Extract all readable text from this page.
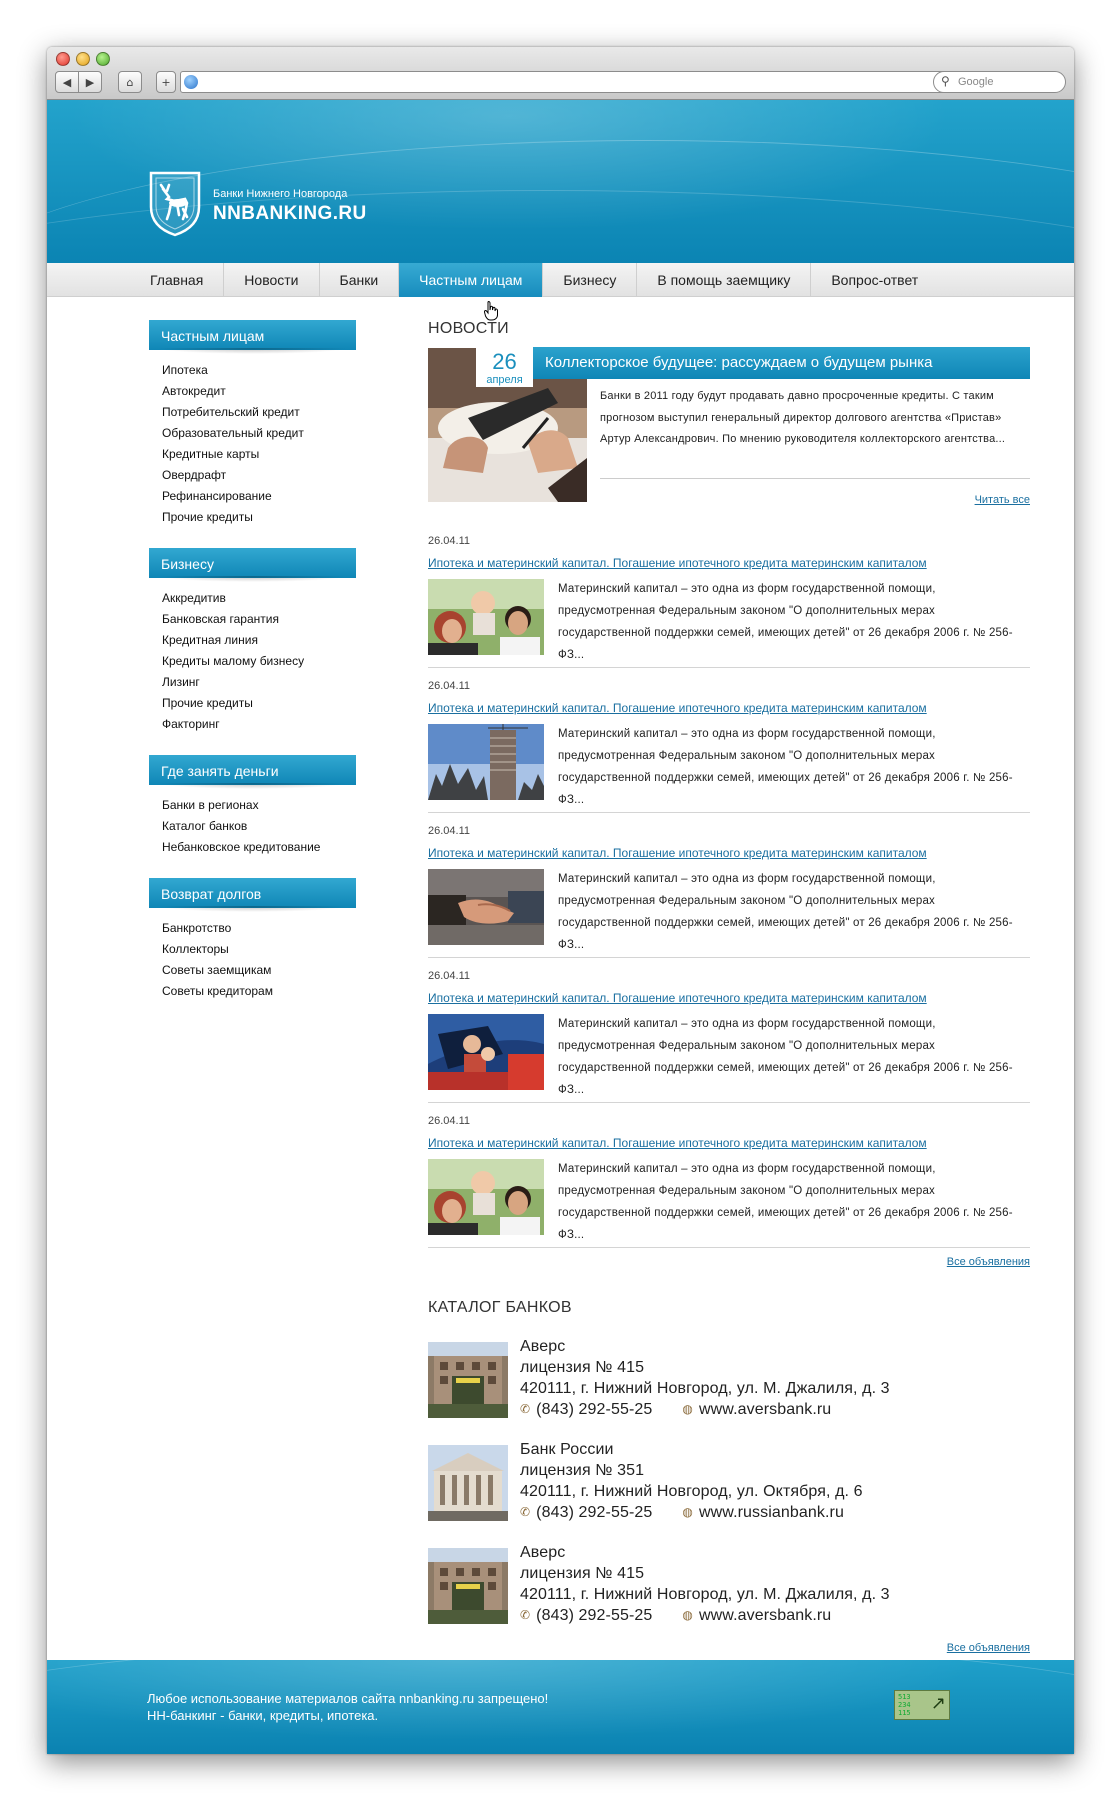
◀ ▶	⌂	+	⚲ Google
Банки Нижнего Новгорода
NNBANKING.RU
Главная	Новости	Банки	Частным лицам	Бизнесу	В помощь заемщику	Вопрос-ответ
Частным лицам
Ипотека
Автокредит
Потребительский кредит
Образовательный кредит
Кредитные карты
Овердрафт
Рефинансирование
Прочие кредиты
Бизнесу
Аккредитив
Банковская гарантия
Кредитная линия
Кредиты малому бизнесу
Лизинг
Прочие кредиты
Факторинг
Где занять деньги
Банки в регионах
Каталог банков
Небанковское кредитование
Возврат долгов
Банкротство
Коллекторы
Советы заемщикам
Советы кредиторам
НОВОСТИ
26
апреля
Коллекторское будущее: рассуждаем о будущем рынка
Банки в 2011 году будут продавать давно просроченные кредиты. С таким прогнозом выступил генеральный директор долгового агентства «Пристав» Артур Александрович. По мнению руководителя коллекторского агентства...
Читать все
26.04.11
Ипотека и материнский капитал. Погашение ипотечного кредита материнским капиталом
Материнский капитал – это одна из форм государственной помощи, предусмотренная Федеральным законом "О дополнительных мерах государственной поддержки семей, имеющих детей" от 26 декабря 2006 г. № 256-ФЗ...
26.04.11
Ипотека и материнский капитал. Погашение ипотечного кредита материнским капиталом
Материнский капитал – это одна из форм государственной помощи, предусмотренная Федеральным законом "О дополнительных мерах государственной поддержки семей, имеющих детей" от 26 декабря 2006 г. № 256-ФЗ...
26.04.11
Ипотека и материнский капитал. Погашение ипотечного кредита материнским капиталом
Материнский капитал – это одна из форм государственной помощи, предусмотренная Федеральным законом "О дополнительных мерах государственной поддержки семей, имеющих детей" от 26 декабря 2006 г. № 256-ФЗ...
26.04.11
Ипотека и материнский капитал. Погашение ипотечного кредита материнским капиталом
Материнский капитал – это одна из форм государственной помощи, предусмотренная Федеральным законом "О дополнительных мерах государственной поддержки семей, имеющих детей" от 26 декабря 2006 г. № 256-ФЗ...
26.04.11
Ипотека и материнский капитал. Погашение ипотечного кредита материнским капиталом
Материнский капитал – это одна из форм государственной помощи, предусмотренная Федеральным законом "О дополнительных мерах государственной поддержки семей, имеющих детей" от 26 декабря 2006 г. № 256-ФЗ...
Все объявления
КАТАЛОГ БАНКОВ
Аверс
лицензия № 415
420111, г. Нижний Новгород, ул. М. Джалиля, д. 3
✆ (843) 292-55-25	◍ www.aversbank.ru
Банк России
лицензия № 351
420111, г. Нижний Новгород, ул. Октября, д. 6
✆ (843) 292-55-25	◍ www.russianbank.ru
Аверс
лицензия № 415
420111, г. Нижний Новгород, ул. М. Джалиля, д. 3
✆ (843) 292-55-25	◍ www.aversbank.ru
Все объявления
Любое использование материалов сайта nnbanking.ru запрещено!
НН-банкинг - банки, кредиты, ипотека.
513
234
115 ↗
